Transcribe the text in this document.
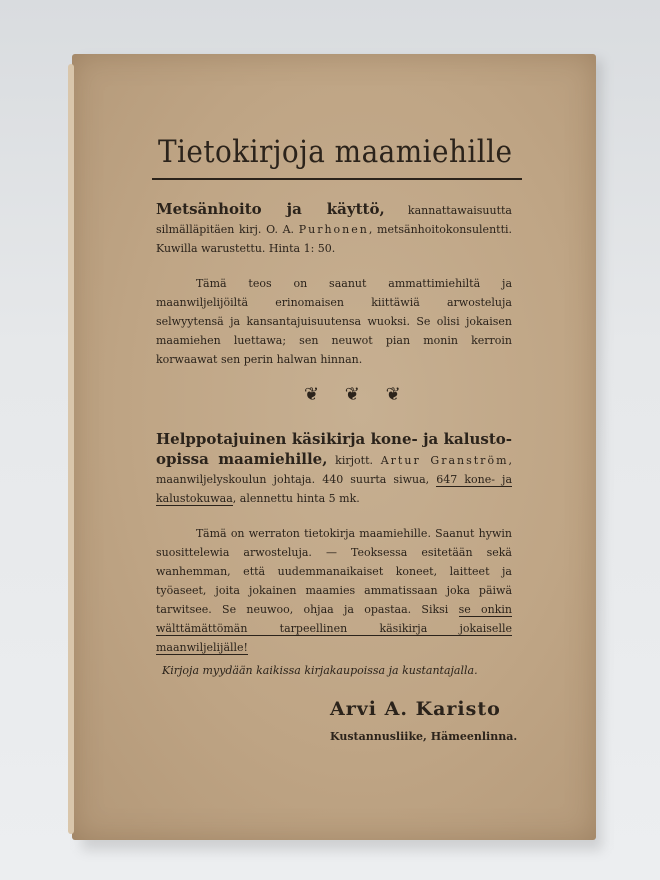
Tietokirjoja maamiehille
Metsänhoito ja käyttö, kannattawaisuutta silmälläpitäen kirj. O. A. Purhonen, metsänhoitokonsulentti. Kuwilla warustettu. Hinta 1: 50.
Tämä teos on saanut ammattimiehiltä ja maanwiljelijöiltä erinomaisen kiittäwiä arwosteluja selwyytensä ja kansantajuisuutensa wuoksi. Se olisi jokaisen maamiehen luettawa; sen neuwot pian monin kerroin korwaawat sen perin halwan hinnan.
❦ ❦ ❦
Helppotajuinen käsikirja kone- ja kalusto-opissa maamiehille, kirjott. Artur Granström, maanwiljelyskoulun johtaja. 440 suurta siwua, 647 kone- ja kalustokuwaa, alennettu hinta 5 mk.
Tämä on werraton tietokirja maamiehille. Saanut hywin suosittelewia arwosteluja. — Teoksessa esitetään sekä wanhemman, että uudemmanaikaiset koneet, laitteet ja työaseet, joita jokainen maamies ammatissaan joka päiwä tarwitsee. Se neuwoo, ohjaa ja opastaa. Siksi se onkin wälttämättömän tarpeellinen käsikirja jokaiselle maanwiljelijälle!
Kirjoja myydään kaikissa kirjakaupoissa ja kustantajalla.
Arvi A. Karisto
Kustannusliike, Hämeenlinna.
